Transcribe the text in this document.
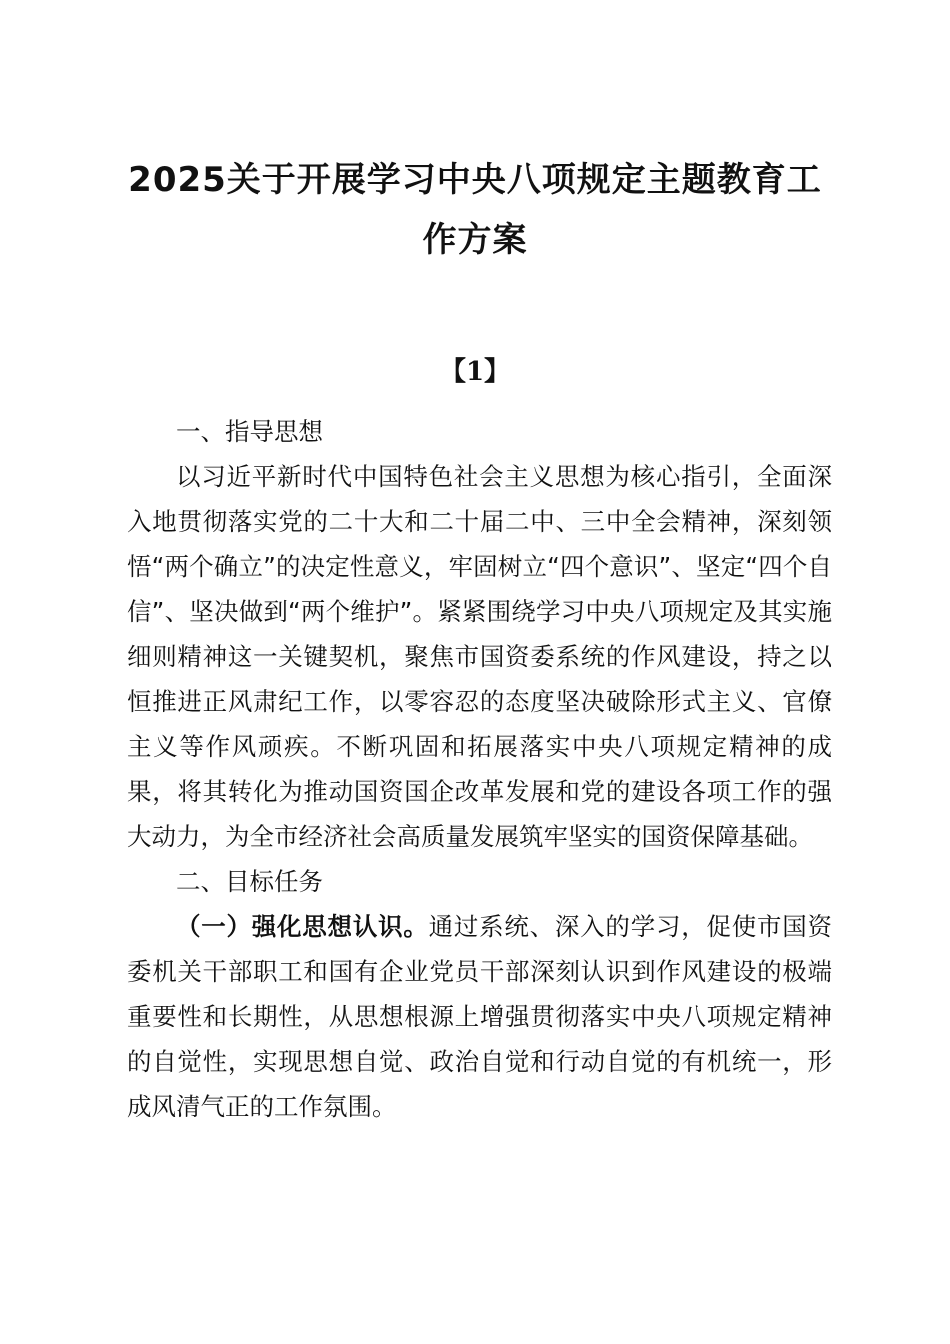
2025关于开展学习中央八项规定主题教育工
作方案
【1】

一、指导思想

以习近平新时代中国特色社会主义思想为核心指引，全面深入地贯彻落实党的二十大和二十届二中、三中全会精神，深刻领悟“两个确立”的决定性意义，牢固树立“四个意识”、坚定“四个自信”、坚决做到“两个维护”。紧紧围绕学习中央八项规定及其实施细则精神这一关键契机，聚焦市国资委系统的作风建设，持之以恒推进正风肃纪工作，以零容忍的态度坚决破除形式主义、官僚主义等作风顽疾。不断巩固和拓展落实中央八项规定精神的成果，将其转化为推动国资国企改革发展和党的建设各项工作的强大动力，为全市经济社会高质量发展筑牢坚实的国资保障基础。

二、目标任务

（一）强化思想认识。通过系统、深入的学习，促使市国资委机关干部职工和国有企业党员干部深刻认识到作风建设的极端重要性和长期性，从思想根源上增强贯彻落实中央八项规定精神的自觉性，实现思想自觉、政治自觉和行动自觉的有机统一，形成风清气正的工作氛围。
